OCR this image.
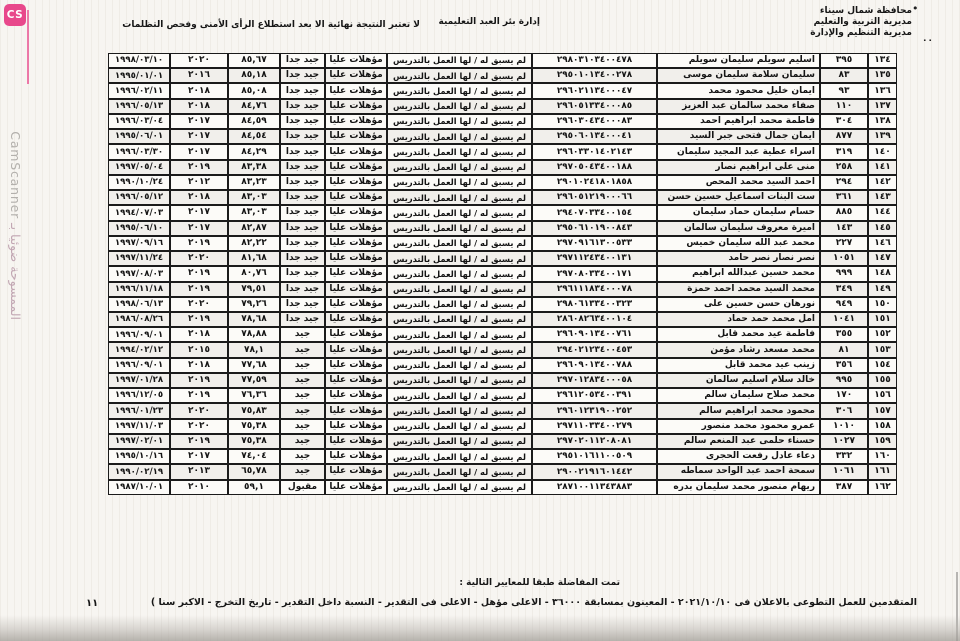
CS
الممسوحة ضوئيا بـ CamScanner
محافظة شمال سيناء
مديرية التربية والتعليم
مديرية التنظيم والإدارة
إدارة بئر العبد التعليمية
لا تعتبر النتيجة نهائية الا بعد استطلاع الرأى الأمنى وفحص التظلمات
•
٠٠
١٣٤
٣٩٥
اسليم سويلم سليمان سويلم
٢٩٨٠٣١٠٣٤٠٠٤٧٨
لم يسبق له / لها العمل بالتدريس
مؤهلات عليا
جيد جدا
٨٥,٦٧
٢٠٢٠
١٩٩٨/٠٣/١٠
١٣٥
٨٣
سليمان سلامة سليمان موسى
٢٩٥٠١٠١٣٤٠٠٢٧٨
لم يسبق له / لها العمل بالتدريس
مؤهلات عليا
جيد جدا
٨٥,١٨
٢٠١٦
١٩٩٥/٠١/٠١
١٣٦
٩٣
ايمان خليل محمود محمد
٢٩٦٠٢١١٣٤٠٠٠٤٧
لم يسبق له / لها العمل بالتدريس
مؤهلات عليا
جيد جدا
٨٥,٠٨
٢٠١٨
١٩٩٦/٠٢/١١
١٣٧
١١٠
صفاء محمد سالمان عبد العزيز
٢٩٦٠٥١٣٣٤٠٠٠٨٥
لم يسبق له / لها العمل بالتدريس
مؤهلات عليا
جيد جدا
٨٤,٧٦
٢٠١٨
١٩٩٦/٠٥/١٣
١٣٨
٣٠٤
فاطمة محمد ابراهيم احمد
٢٩٦٠٣٠٤٣٤٠٠٠٨٣
لم يسبق له / لها العمل بالتدريس
مؤهلات عليا
جيد جدا
٨٤,٥٩
٢٠١٧
١٩٩٦/٠٣/٠٤
١٣٩
٨٧٧
ايمان جمال فتحى جبر السيد
٢٩٥٠٦٠١٣٤٠٠٠٤١
لم يسبق له / لها العمل بالتدريس
مؤهلات عليا
جيد جدا
٨٤,٥٤
٢٠١٧
١٩٩٥/٠٦/٠١
١٤٠
٣١٩
اسراء عطية عبد المجيد سليمان
٢٩٦٠٣٣٠١٤٠٢١٤٣
لم يسبق له / لها العمل بالتدريس
مؤهلات عليا
جيد جدا
٨٤,٢٩
٢٠١٧
١٩٩٦/٠٣/٣٠
١٤١
٢٥٨
منى على ابراهيم نصار
٢٩٧٠٥٠٤٣٤٠٠١٨٨
لم يسبق له / لها العمل بالتدريس
مؤهلات عليا
جيد جدا
٨٣,٣٨
٢٠١٩
١٩٩٧/٠٥/٠٤
١٤٢
٢٩٤
احمد السيد محمد المحص
٢٩٠١٠٢٤١٨٠١٨٥٨
لم يسبق له / لها العمل بالتدريس
مؤهلات عليا
جيد جدا
٨٣,٢٣
٢٠١٢
١٩٩٠/١٠/٢٤
١٤٣
٣٦١
ست البنات اسماعيل حسين حسن
٢٩٦٠٥١٢١٩٠٠٠٦٦
لم يسبق له / لها العمل بالتدريس
مؤهلات عليا
جيد جدا
٨٣,٠٣
٢٠١٨
١٩٩٦/٠٥/١٢
١٤٤
٨٨٥
حسام سليمان حماد سليمان
٢٩٤٠٧٠٣٣٤٠٠١٥٤
لم يسبق له / لها العمل بالتدريس
مؤهلات عليا
جيد جدا
٨٣,٠٣
٢٠١٧
١٩٩٤/٠٧/٠٣
١٤٥
١٤٣
اميرة معروف سليمان سالمان
٢٩٥٠٦١٠١٩٠٠٨٤٣
لم يسبق له / لها العمل بالتدريس
مؤهلات عليا
جيد جدا
٨٢,٨٧
٢٠١٧
١٩٩٥/٠٦/١٠
١٤٦
٢٢٧
محمد عبد الله سليمان خميس
٢٩٧٠٩١٦١٣٠٠٥٣٣
لم يسبق له / لها العمل بالتدريس
مؤهلات عليا
جيد جدا
٨٢,٢٢
٢٠١٩
١٩٩٧/٠٩/١٦
١٤٧
١٠٥١
نصر نصار نصر حامد
٢٩٧١١٢٤٣٤٠٠١٣١
لم يسبق له / لها العمل بالتدريس
مؤهلات عليا
جيد جدا
٨١,٦٨
٢٠٢٠
١٩٩٧/١١/٢٤
١٤٨
٩٩٩
محمد حسين عبدالله ابراهيم
٢٩٧٠٨٠٣٣٤٠٠١٧١
لم يسبق له / لها العمل بالتدريس
مؤهلات عليا
جيد جدا
٨٠,٧٦
٢٠١٩
١٩٩٧/٠٨/٠٣
١٤٩
٣٤٩
محمد السيد محمد احمد حمزة
٢٩٦١١١٨٣٤٠٠٠٧٨
لم يسبق له / لها العمل بالتدريس
مؤهلات عليا
جيد جدا
٧٩,٥١
٢٠١٩
١٩٩٦/١١/١٨
١٥٠
٩٤٩
نورهان حسن حسين على
٢٩٨٠٦١٣٣٤٠٠٣٢٣
لم يسبق له / لها العمل بالتدريس
مؤهلات عليا
جيد جدا
٧٩,٢٦
٢٠٢٠
١٩٩٨/٠٦/١٣
١٥١
١٠٤١
امل محمد حمد حماد
٢٨٦٠٨٢٦٣٤٠٠١٠٤
لم يسبق له / لها العمل بالتدريس
مؤهلات عليا
جيد جدا
٧٨,٦٨
٢٠١٩
١٩٨٦/٠٨/٢٦
١٥٢
٣٥٥
فاطمة عيد محمد قابل
٢٩٦٠٩٠١٣٤٠٠٧٦١
لم يسبق له / لها العمل بالتدريس
مؤهلات عليا
جيد
٧٨,٨٨
٢٠١٨
١٩٩٦/٠٩/٠١
١٥٣
٨١
محمد مسعد رشاد مؤمن
٢٩٤٠٢١٢٣٤٠٠٤٥٣
لم يسبق له / لها العمل بالتدريس
مؤهلات عليا
جيد
٧٨,١
٢٠١٥
١٩٩٤/٠٢/١٢
١٥٤
٣٥٦
زينب عيد محمد قابل
٢٩٦٠٩٠١٣٤٠٠٧٨٨
لم يسبق له / لها العمل بالتدريس
مؤهلات عليا
جيد
٧٧,٦٨
٢٠١٨
١٩٩٦/٠٩/٠١
١٥٥
٩٩٥
خالد سلام اسليم سالمان
٢٩٧٠١٢٨٣٤٠٠٠٥٨
لم يسبق له / لها العمل بالتدريس
مؤهلات عليا
جيد
٧٧,٥٩
٢٠١٩
١٩٩٧/٠١/٢٨
١٥٦
١٧٠
محمد صلاح سليمان سالم
٢٩٦١٢٠٥٣٤٠٠٣٩١
لم يسبق له / لها العمل بالتدريس
مؤهلات عليا
جيد
٧٦,٣٦
٢٠١٩
١٩٩٦/١٢/٠٥
١٥٧
٣٠٦
محمود محمد ابراهيم سالم
٢٩٦٠١٢٣١٩٠٠٢٥٢
لم يسبق له / لها العمل بالتدريس
مؤهلات عليا
جيد
٧٥,٨٣
٢٠٢٠
١٩٩٦/٠١/٢٣
١٥٨
١٠١٠
عمرو محمود محمد منصور
٢٩٧١١٠٣٣٤٠٠٢٧٩
لم يسبق له / لها العمل بالتدريس
مؤهلات عليا
جيد
٧٥,٣٨
٢٠٢٠
١٩٩٧/١١/٠٣
١٥٩
١٠٢٧
حسناء حلمى عبد المنعم سالم
٢٩٧٠٢٠١١٢٠٨٠٨١
لم يسبق له / لها العمل بالتدريس
مؤهلات عليا
جيد
٧٥,٣٨
٢٠١٩
١٩٩٧/٠٢/٠١
١٦٠
٣٣٢
دعاء عادل رفعت الحجرى
٢٩٥١٠١٦١١٠٠٥٠٩
لم يسبق له / لها العمل بالتدريس
مؤهلات عليا
جيد
٧٤,٠٤
٢٠١٧
١٩٩٥/١٠/١٦
١٦١
١٠٦١
سمحة احمد عبد الواحد سماطه
٢٩٠٠٢١٩١٦٠١٤٤٢
لم يسبق له / لها العمل بالتدريس
مؤهلات عليا
جيد
٦٥,٧٨
٢٠١٣
١٩٩٠/٠٢/١٩
١٦٢
٣٨٧
ريهام منصور محمد سليمان بدره
٢٨٧١٠٠١١٣٤٣٨٨٣
لم يسبق له / لها العمل بالتدريس
مؤهلات عليا
مقبول
٥٩,١
٢٠١٠
١٩٨٧/١٠/٠١
تمت المفاضلة طبقا للمعايير التالية :
المتقدمين للعمل التطوعى بالاعلان فى ٢٠٢١/١٠/١٠ - المعينون بمسابقة ٣٦٠٠٠ - الاعلى مؤهل - الاعلى فى التقدير - النسبة داخل التقدير - تاريخ التخرج - الاكبر سنا )
١١
